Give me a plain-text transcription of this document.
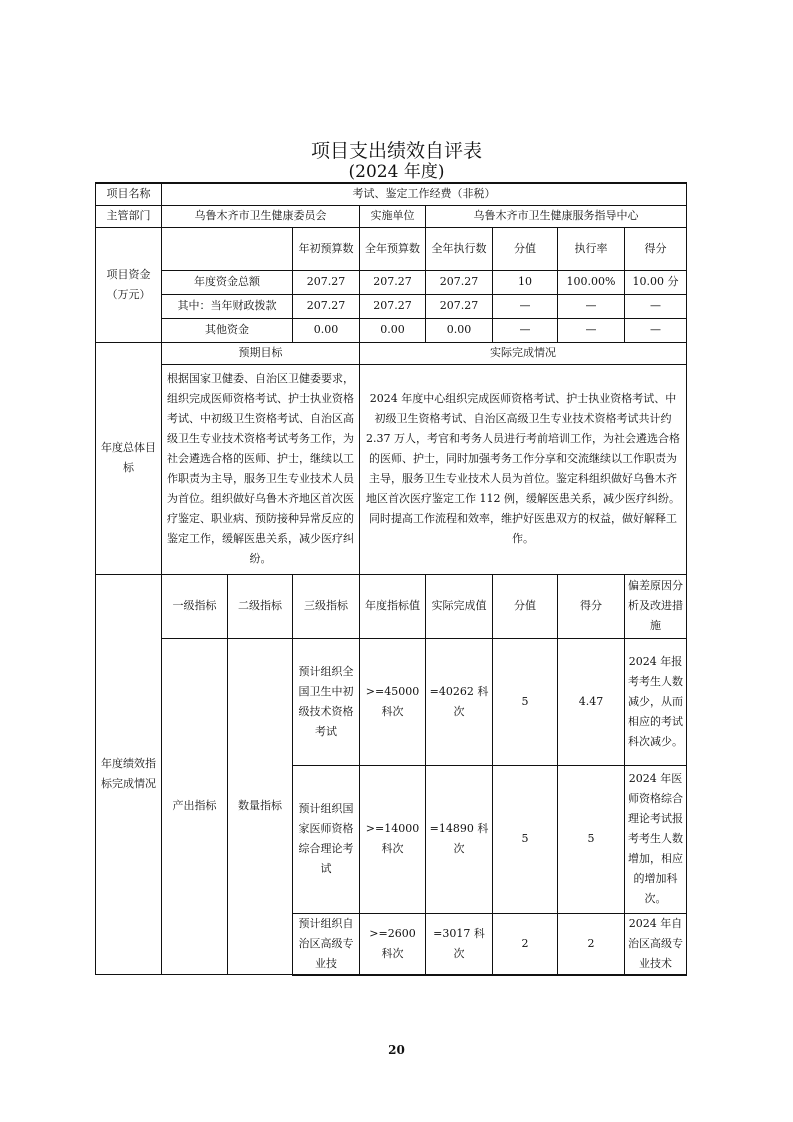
项目支出绩效自评表
(2024 年度)
项目名称	考试、鉴定工作经费（非税）							
主管部门	乌鲁木齐市卫生健康委员会			实施单位	乌鲁木齐市卫生健康服务指导中心			
项目资金
（万元）			年初预算数	全年预算数	全年执行数	分值	执行率	得分
	年度资金总额		207.27	207.27	207.27	10	100.00%	10.00 分
	其中：当年财政拨款		207.27	207.27	207.27	—	—	—
	其他资金		0.00	0.00	0.00	—	—	—
年度总体目标	预期目标			实际完成情况				
	根据国家卫健委、自治区卫健委要求，组织完成医师资格考试、护士执业资格考试、中初级卫生资格考试、自治区高级卫生专业技术资格考试考务工作，为社会遴选合格的医师、护士，继续以工作职责为主导，服务卫生专业技术人员为首位。组织做好乌鲁木齐地区首次医疗鉴定、职业病、预防接种异常反应的鉴定工作，缓解医患关系，减少医疗纠纷。			2024 年度中心组织完成医师资格考试、护士执业资格考试、中初级卫生资格考试、自治区高级卫生专业技术资格考试共计约 2.37 万人，考官和考务人员进行考前培训工作，为社会遴选合格的医师、护士，同时加强考务工作分享和交流继续以工作职责为主导，服务卫生专业技术人员为首位。鉴定科组织做好乌鲁木齐地区首次医疗鉴定工作 112 例，缓解医患关系，减少医疗纠纷。同时提高工作流程和效率，维护好医患双方的权益，做好解释工作。				
年度绩效指标完成情况	一级指标	二级指标	三级指标	年度指标值	实际完成值	分值	得分	偏差原因分析及改进措施
	产出指标	数量指标	预计组织全国卫生中初级技术资格考试	>=45000 科次	=40262 科次	5	4.47	2024 年报考考生人数减少，从而相应的考试科次减少。
			预计组织国家医师资格综合理论考试	>=14000 科次	=14890 科次	5	5	2024 年医师资格综合理论考试报考考生人数增加，相应的增加科次。
			预计组织自治区高级专业技	>=2600 科次	=3017 科次	2	2	2024 年自治区高级专业技术
20
